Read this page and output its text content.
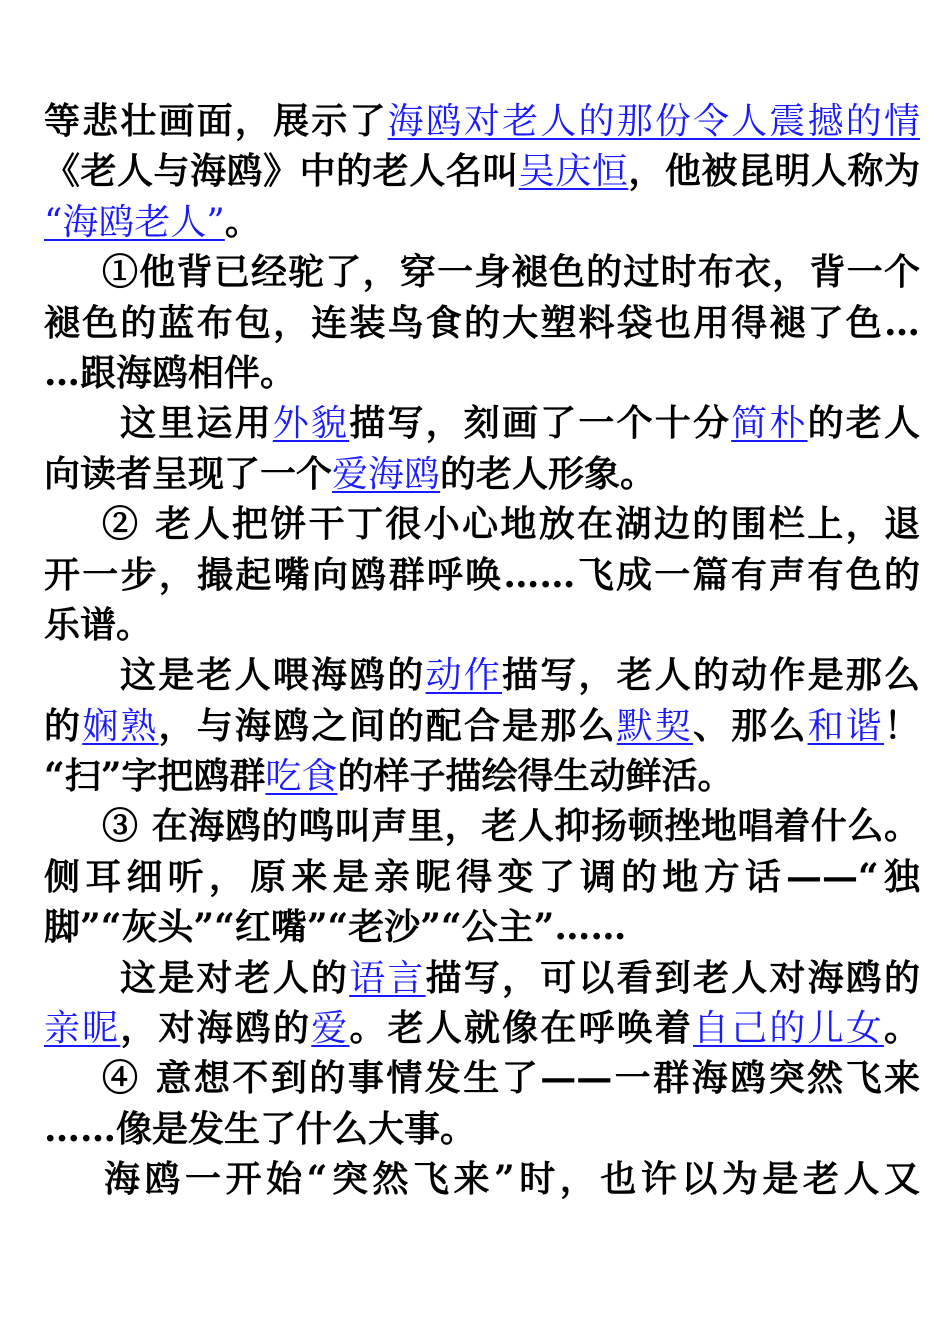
等悲壮画面，展示了海鸥对老人的那份令人震撼的情
《老人与海鸥》中的老人名叫吴庆恒，他被昆明人称为
“海鸥老人”。
①他背已经驼了，穿一身褪色的过时布衣，背一个
褪色的蓝布包，连装鸟食的大塑料袋也用得褪了色…
…跟海鸥相伴。
这里运用外貌描写，刻画了一个十分简朴的老人
向读者呈现了一个爱海鸥的老人形象。
② 老人把饼干丁很小心地放在湖边的围栏上，退
开一步，撮起嘴向鸥群呼唤……飞成一篇有声有色的
乐谱。
这是老人喂海鸥的动作描写，老人的动作是那么
的娴熟，与海鸥之间的配合是那么默契、那么和谐！
“扫”字把鸥群吃食的样子描绘得生动鲜活。
③ 在海鸥的鸣叫声里，老人抑扬顿挫地唱着什么。
侧耳细听，原来是亲昵得变了调的地方话——“独
脚”“灰头”“红嘴”“老沙”“公主”……
这是对老人的语言描写，可以看到老人对海鸥的
亲昵，对海鸥的爱。老人就像在呼唤着自己的儿女。
④ 意想不到的事情发生了——一群海鸥突然飞来
……像是发生了什么大事。
海鸥一开始“突然飞来”时，也许以为是老人又
